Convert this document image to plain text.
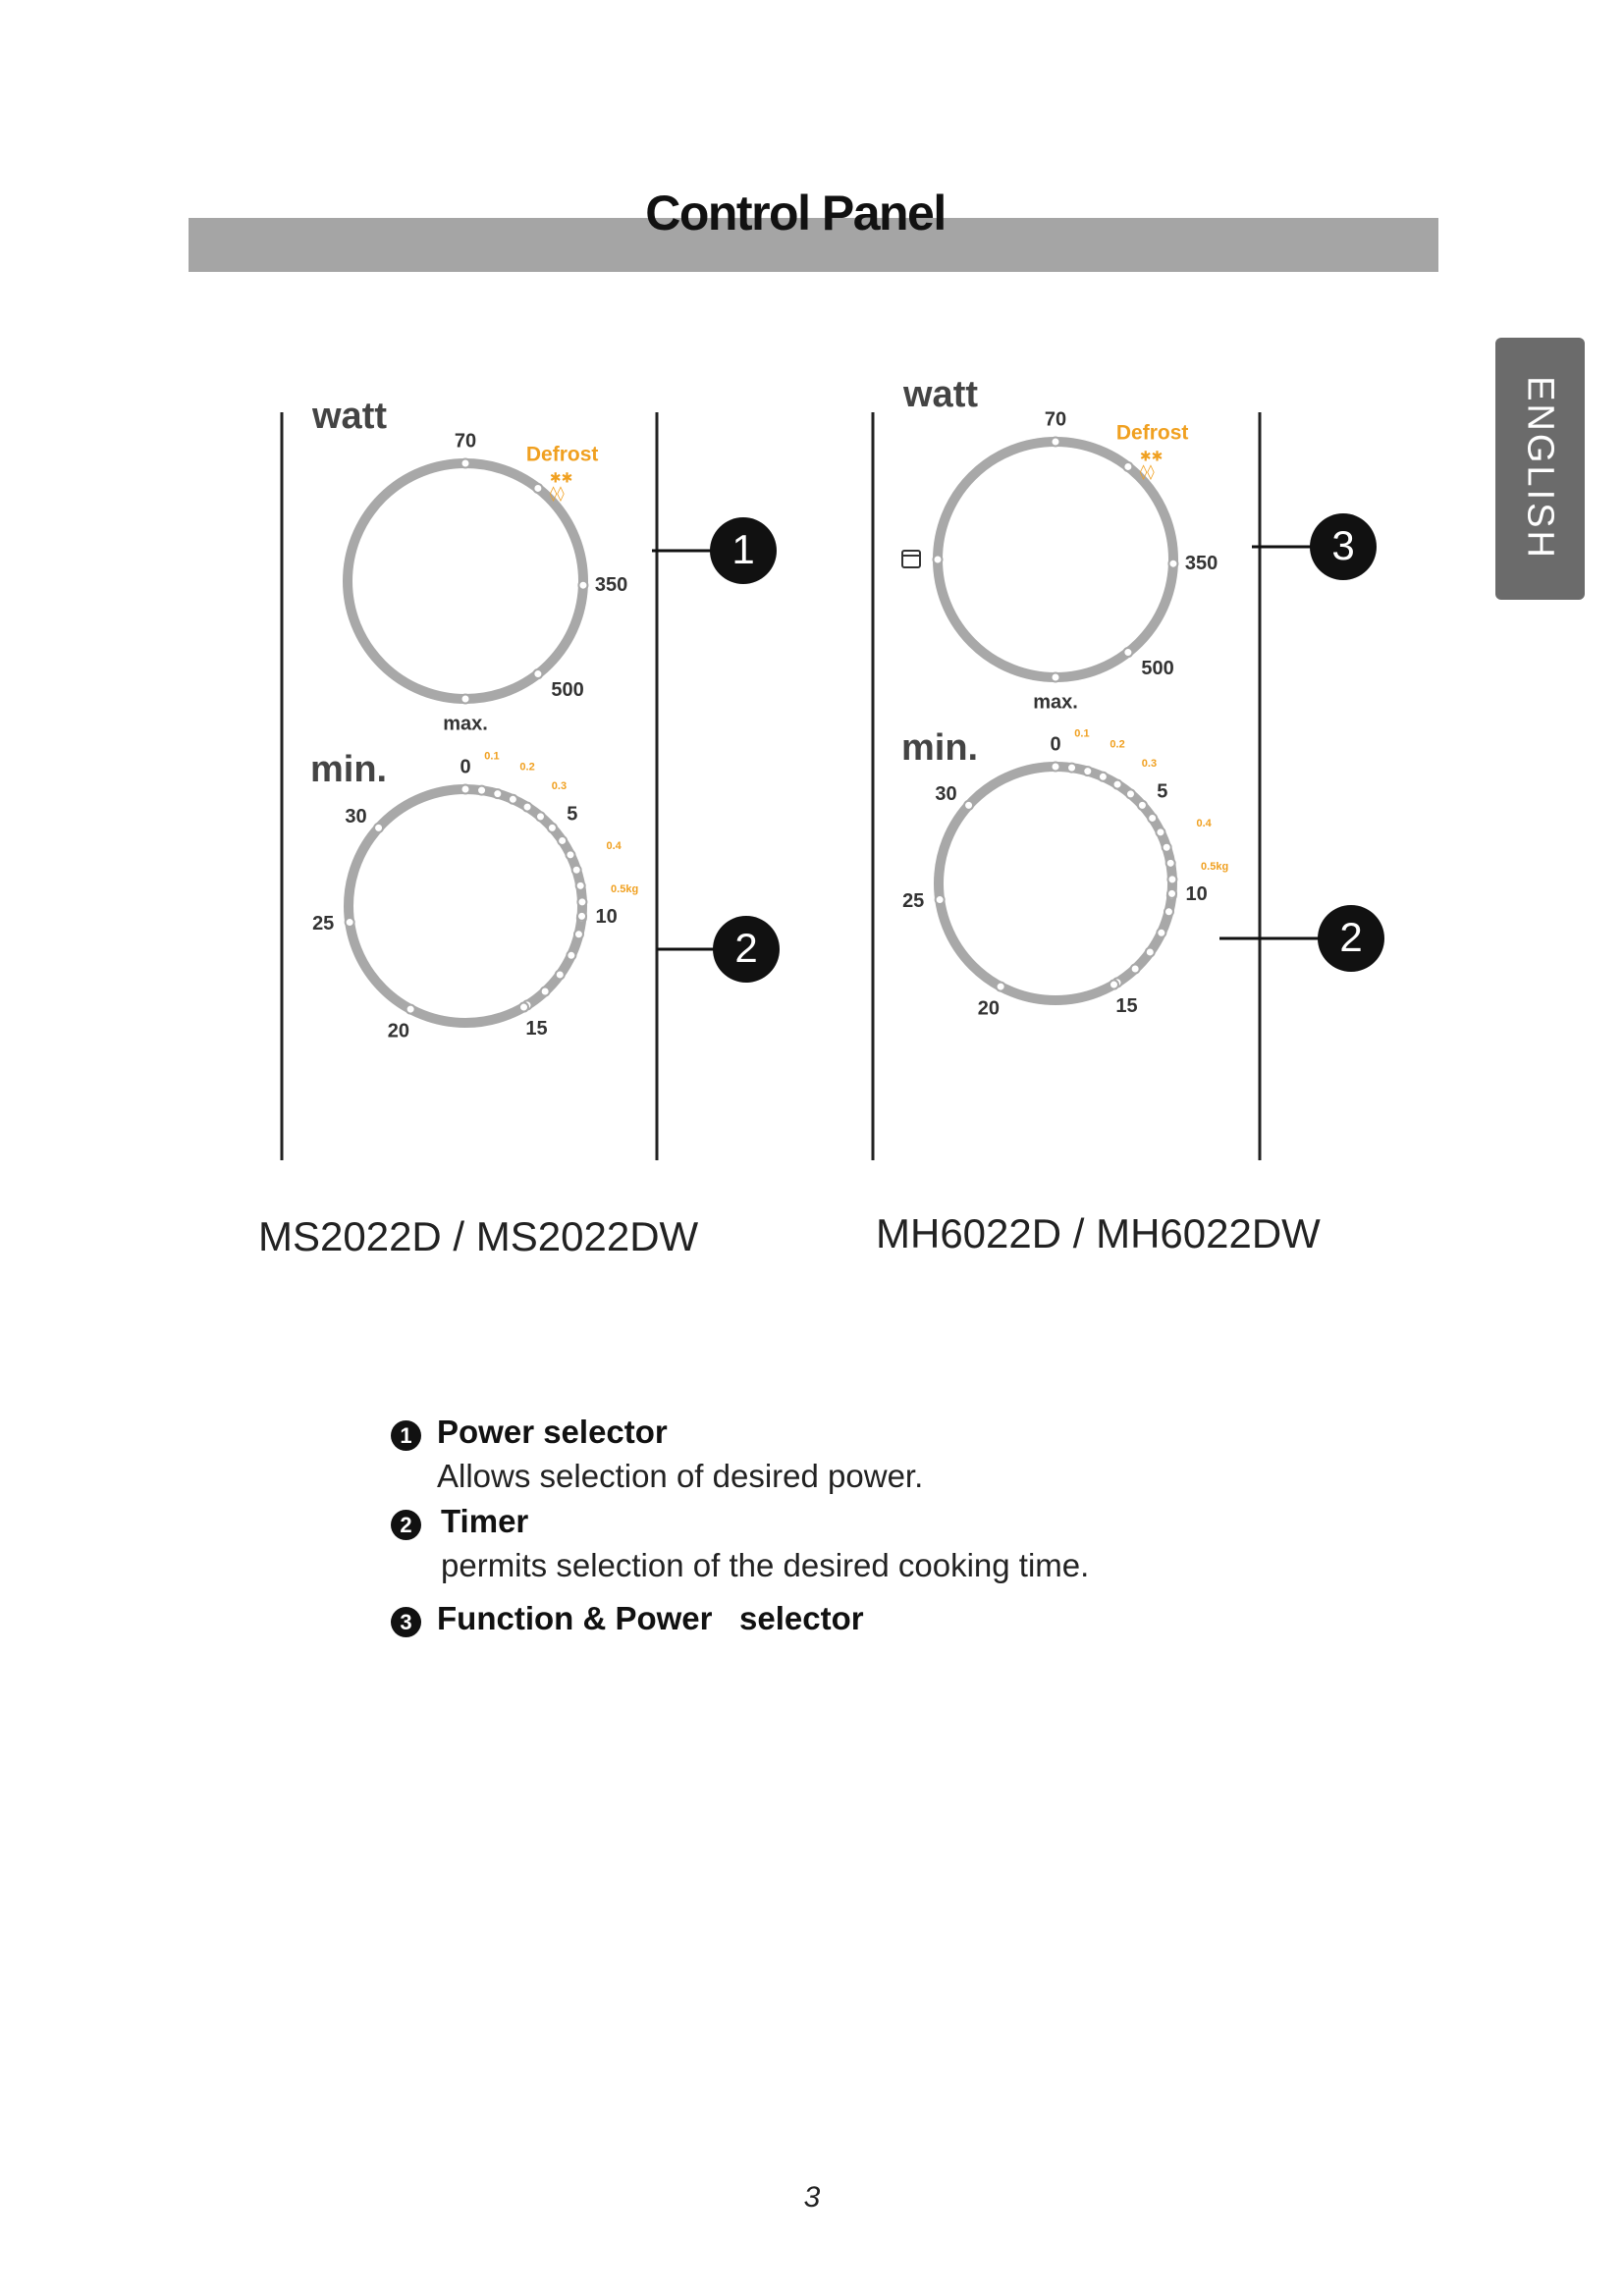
Control Panel
ENGLISH
watt
70
Defrost
✱✱
◊◊
350
500
max.
min.	0
5
10
15
20
25
30
0.1
0.2
0.3
0.4
0.5kg
1
2
watt
70
Defrost
✱✱
◊◊
350
500
max.
min.	0
5
10
15
20
25
30
0.1
0.2
0.3
0.4
0.5kg
3
2
MS2022D / MS2022DW	MH6022D / MH6022DW
1 Power selector
Allows selection of desired power.
2 Timer
permits selection of the desired cooking time.
3 Function & Power   selector
3
